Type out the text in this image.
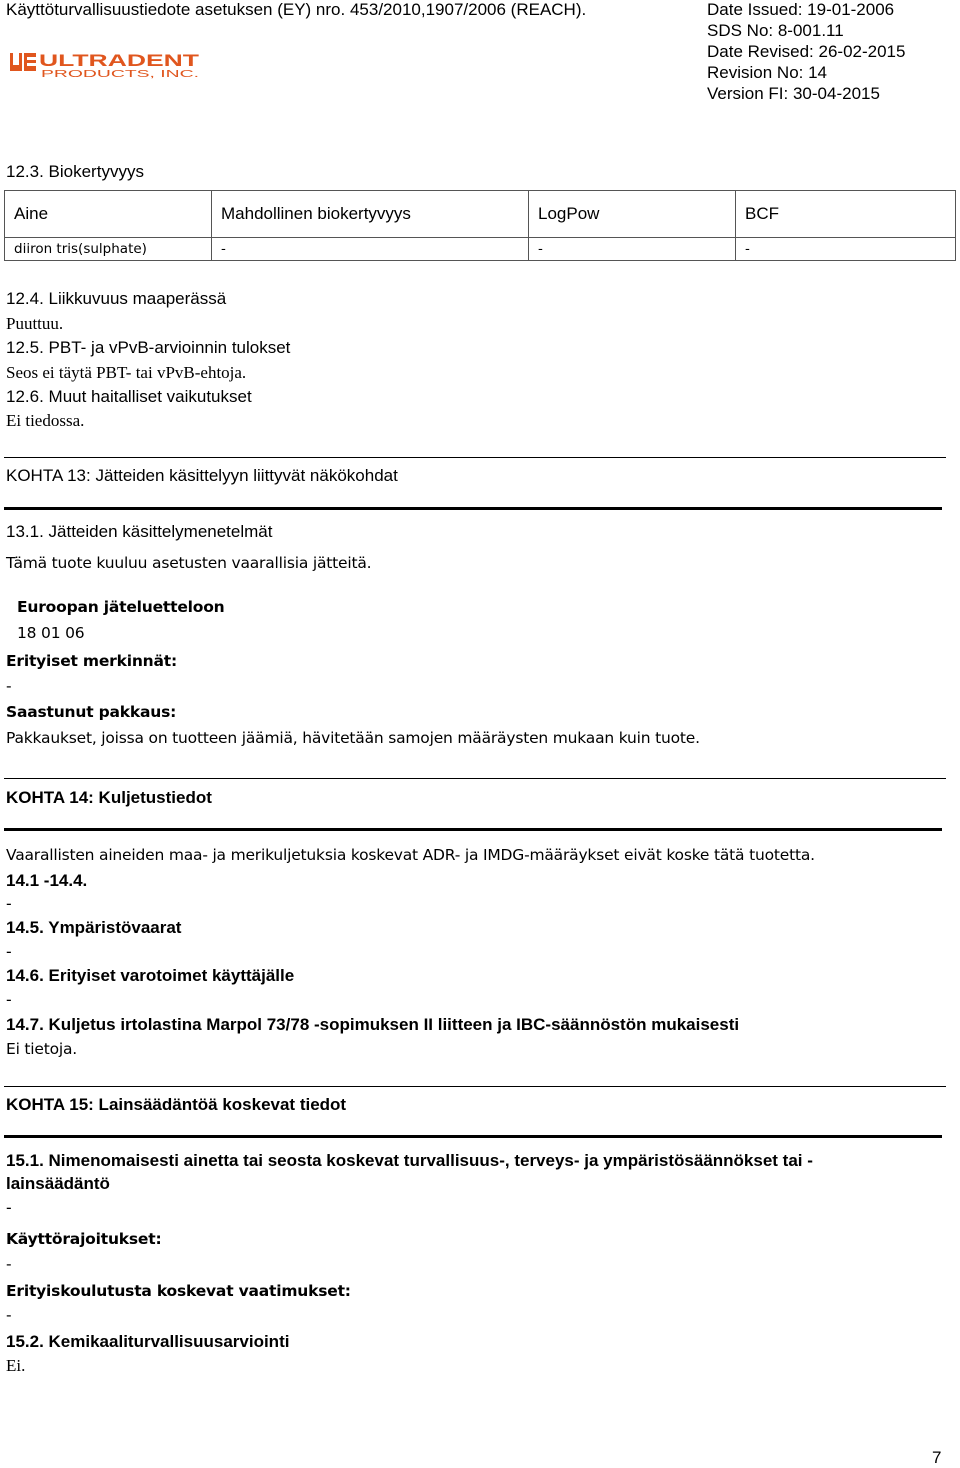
Käyttöturvallisuustiedote asetuksen (EY) nro. 453/2010,1907/2006 (REACH).	Date Issued: 19-01-2006
SDS No: 8-001.11
Date Revised: 26-02-2015
Revision No: 14
Version FI: 30-04-2015
ULTRADENT
PRODUCTS, INC.
12.3. Biokertyvyys
Aine	Mahdollinen biokertyvyys	LogPow	BCF
diiron tris(sulphate)	-	-	-
12.4. Liikkuvuus maaperässä
Puuttuu.
12.5. PBT- ja vPvB-arvioinnin tulokset
Seos ei täytä PBT- tai vPvB-ehtoja.
12.6. Muut haitalliset vaikutukset
Ei tiedossa.
KOHTA 13: Jätteiden käsittelyyn liittyvät näkökohdat
13.1. Jätteiden käsittelymenetelmät
Tämä tuote kuuluu asetusten vaarallisia jätteitä.
Euroopan jäteluetteloon
18 01 06
Erityiset merkinnät:
-
Saastunut pakkaus:
Pakkaukset, joissa on tuotteen jäämiä, hävitetään samojen määräysten mukaan kuin tuote.
KOHTA 14: Kuljetustiedot
Vaarallisten aineiden maa- ja merikuljetuksia koskevat ADR- ja IMDG-määräykset eivät koske tätä tuotetta.
14.1 -14.4.
-
14.5. Ympäristövaarat
-
14.6. Erityiset varotoimet käyttäjälle
-
14.7. Kuljetus irtolastina Marpol 73/78 -sopimuksen II liitteen ja IBC-säännöstön mukaisesti
Ei tietoja.
KOHTA 15: Lainsäädäntöä koskevat tiedot
15.1. Nimenomaisesti ainetta tai seosta koskevat turvallisuus-, terveys- ja ympäristösäännökset tai -
lainsäädäntö
-
Käyttörajoitukset:
-
Erityiskoulutusta koskevat vaatimukset:
-
15.2. Kemikaaliturvallisuusarviointi
Ei.
7
